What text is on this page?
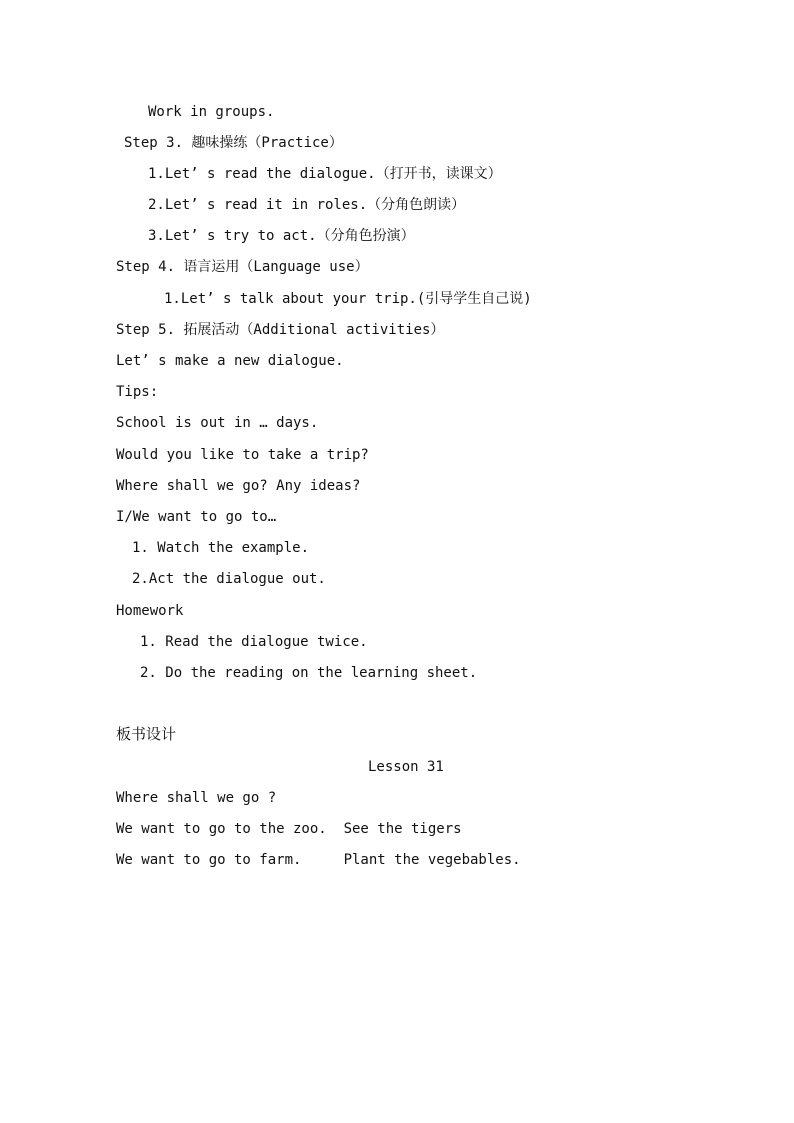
Work in groups.
Step 3. 趣味操练（Practice）
1.Let’ s read the dialogue.（打开书，读课文）
2.Let’ s read it in roles.（分角色朗读）
3.Let’ s try to act.（分角色扮演）
Step 4. 语言运用（Language use）
1.Let’ s talk about your trip.(引导学生自己说)
Step 5. 拓展活动（Additional activities）
Let’ s make a new dialogue.
Tips:
School is out in … days.
Would you like to take a trip?
Where shall we go? Any ideas?
I/We want to go to…
1. Watch the example.
2.Act the dialogue out.
Homework
1. Read the dialogue twice.
2. Do the reading on the learning sheet.
板书设计
Lesson 31
Where shall we go ?
We want to go to the zoo.  See the tigers
We want to go to farm.     Plant the vegebables.
